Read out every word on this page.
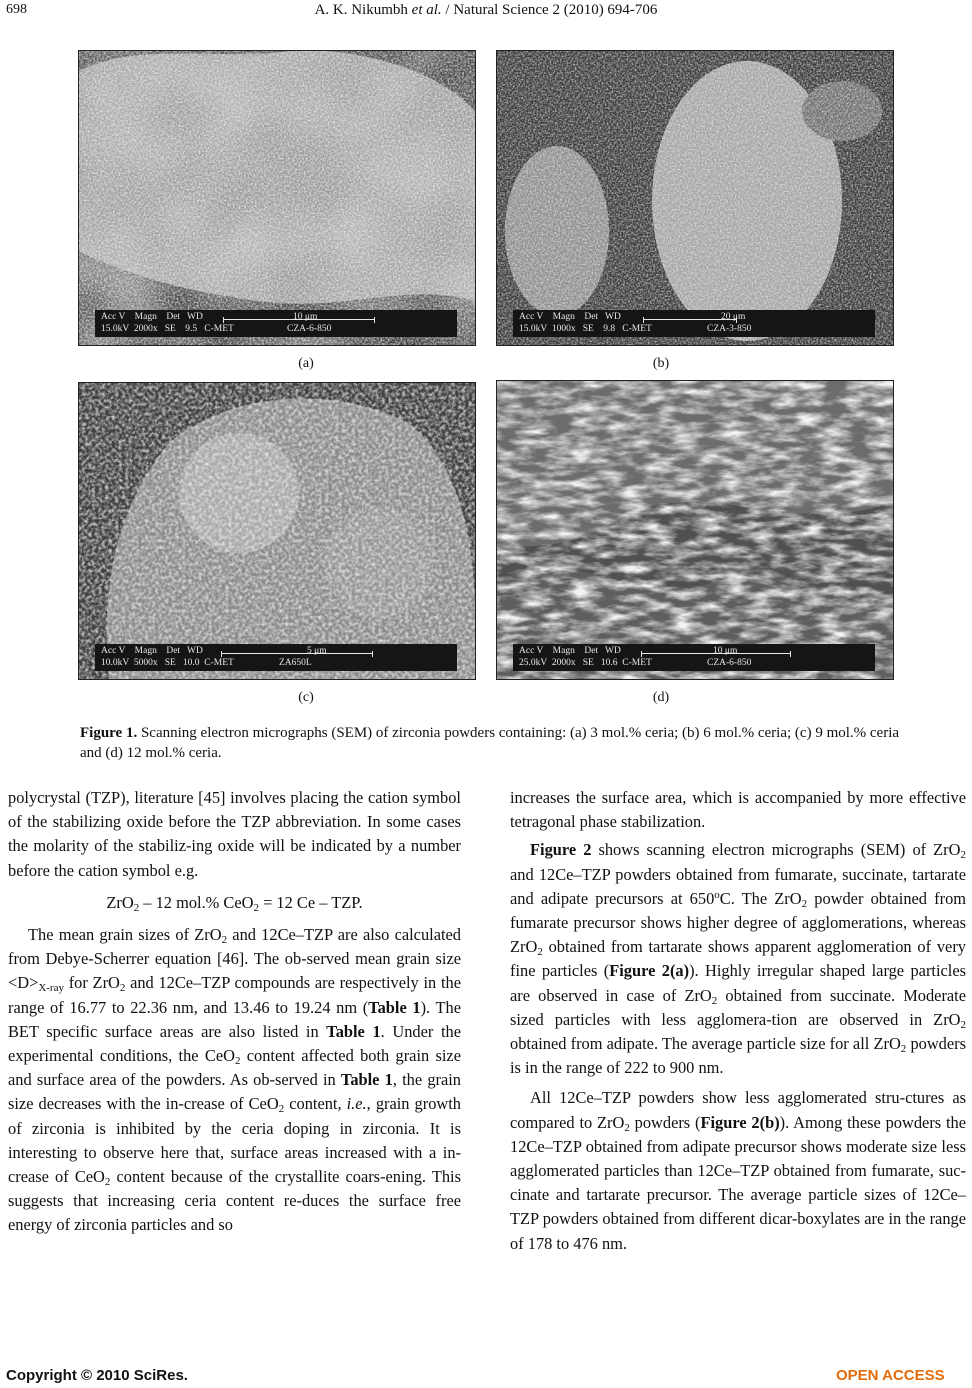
698	A. K. Nikumbh et al. / Natural Science 2 (2010) 694-706
Acc V    Magn    Det   WD
15.0kV  2000x   SE    9.5   C-MET
10 μm
CZA-6-850
(a)
Acc V    Magn    Det   WD
15.0kV  1000x   SE    9.8   C-MET
20 μm
CZA-3-850
(b)
Acc V    Magn    Det   WD
10.0kV  5000x   SE   10.0  C-MET
5 μm
ZA650L
(c)
Acc V    Magn    Det   WD
25.0kV  2000x   SE   10.6  C-MET
10 μm
CZA-6-850
(d)
Figure 1. Scanning electron micrographs (SEM) of zirconia powders containing: (a) 3 mol.% ceria; (b) 6 mol.% ceria; (c) 9 mol.% ceria and (d) 12 mol.% ceria.

polycrystal (TZP), literature [45] involves placing the cation symbol of the stabilizing oxide before the TZP abbreviation. In some cases the molarity of the stabiliz-ing oxide will be indicated by a number before the cation symbol e.g.

ZrO$_2$ – 12 mol.% CeO$_2$ = 12 Ce – TZP.

The mean grain sizes of ZrO$_2$ and 12Ce–TZP are also calculated from Debye-Scherrer equation [46]. The ob-served mean grain size $<D>_{X-ray}$ for ZrO$_2$ and 12Ce–TZP compounds are respectively in the range of 16.77 to 22.36 nm, and 13.46 to 19.24 nm (Table 1). The BET specific surface areas are also listed in Table 1. Under the experimental conditions, the CeO$_2$ content affected both grain size and surface area of the powders. As ob-served in Table 1, the grain size decreases with the in-crease of CeO$_2$ content, i.e., grain growth of zirconia is inhibited by the ceria doping in zirconia. It is interesting to observe here that, surface areas increased with a in-crease of CeO$_2$ content because of the crystallite coars-ening. This suggests that increasing ceria content re-duces the surface free energy of zirconia particles and so

increases the surface area, which is accompanied by more effective tetragonal phase stabilization.

Figure 2 shows scanning electron micrographs (SEM) of ZrO$_2$ and 12Ce–TZP powders obtained from fumarate, succinate, tartarate and adipate precursors at 650$^o$C. The ZrO$_2$ powder obtained from fumarate precursor shows higher degree of agglomerations, whereas ZrO$_2$ obtained from tartarate shows apparent agglomeration of very fine particles (Figure 2(a)). Highly irregular shaped large particles are observed in case of ZrO$_2$ obtained from succinate. Moderate sized particles with less agglomera-tion are observed in ZrO$_2$ obtained from adipate. The average particle size for all ZrO$_2$ powders is in the range of 222 to 900 nm.

All 12Ce–TZP powders show less agglomerated stru-ctures as compared to ZrO$_2$ powders (Figure 2(b)). Among these powders the 12Ce–TZP obtained from adipate precursor shows moderate size less agglomerated particles than 12Ce–TZP obtained from fumarate, suc-cinate and tartarate precursor. The average particle sizes of 12Ce–TZP powders obtained from different dicar-boxylates are in the range of 178 to 476 nm.

Copyright © 2010 SciRes.	OPEN ACCESS
